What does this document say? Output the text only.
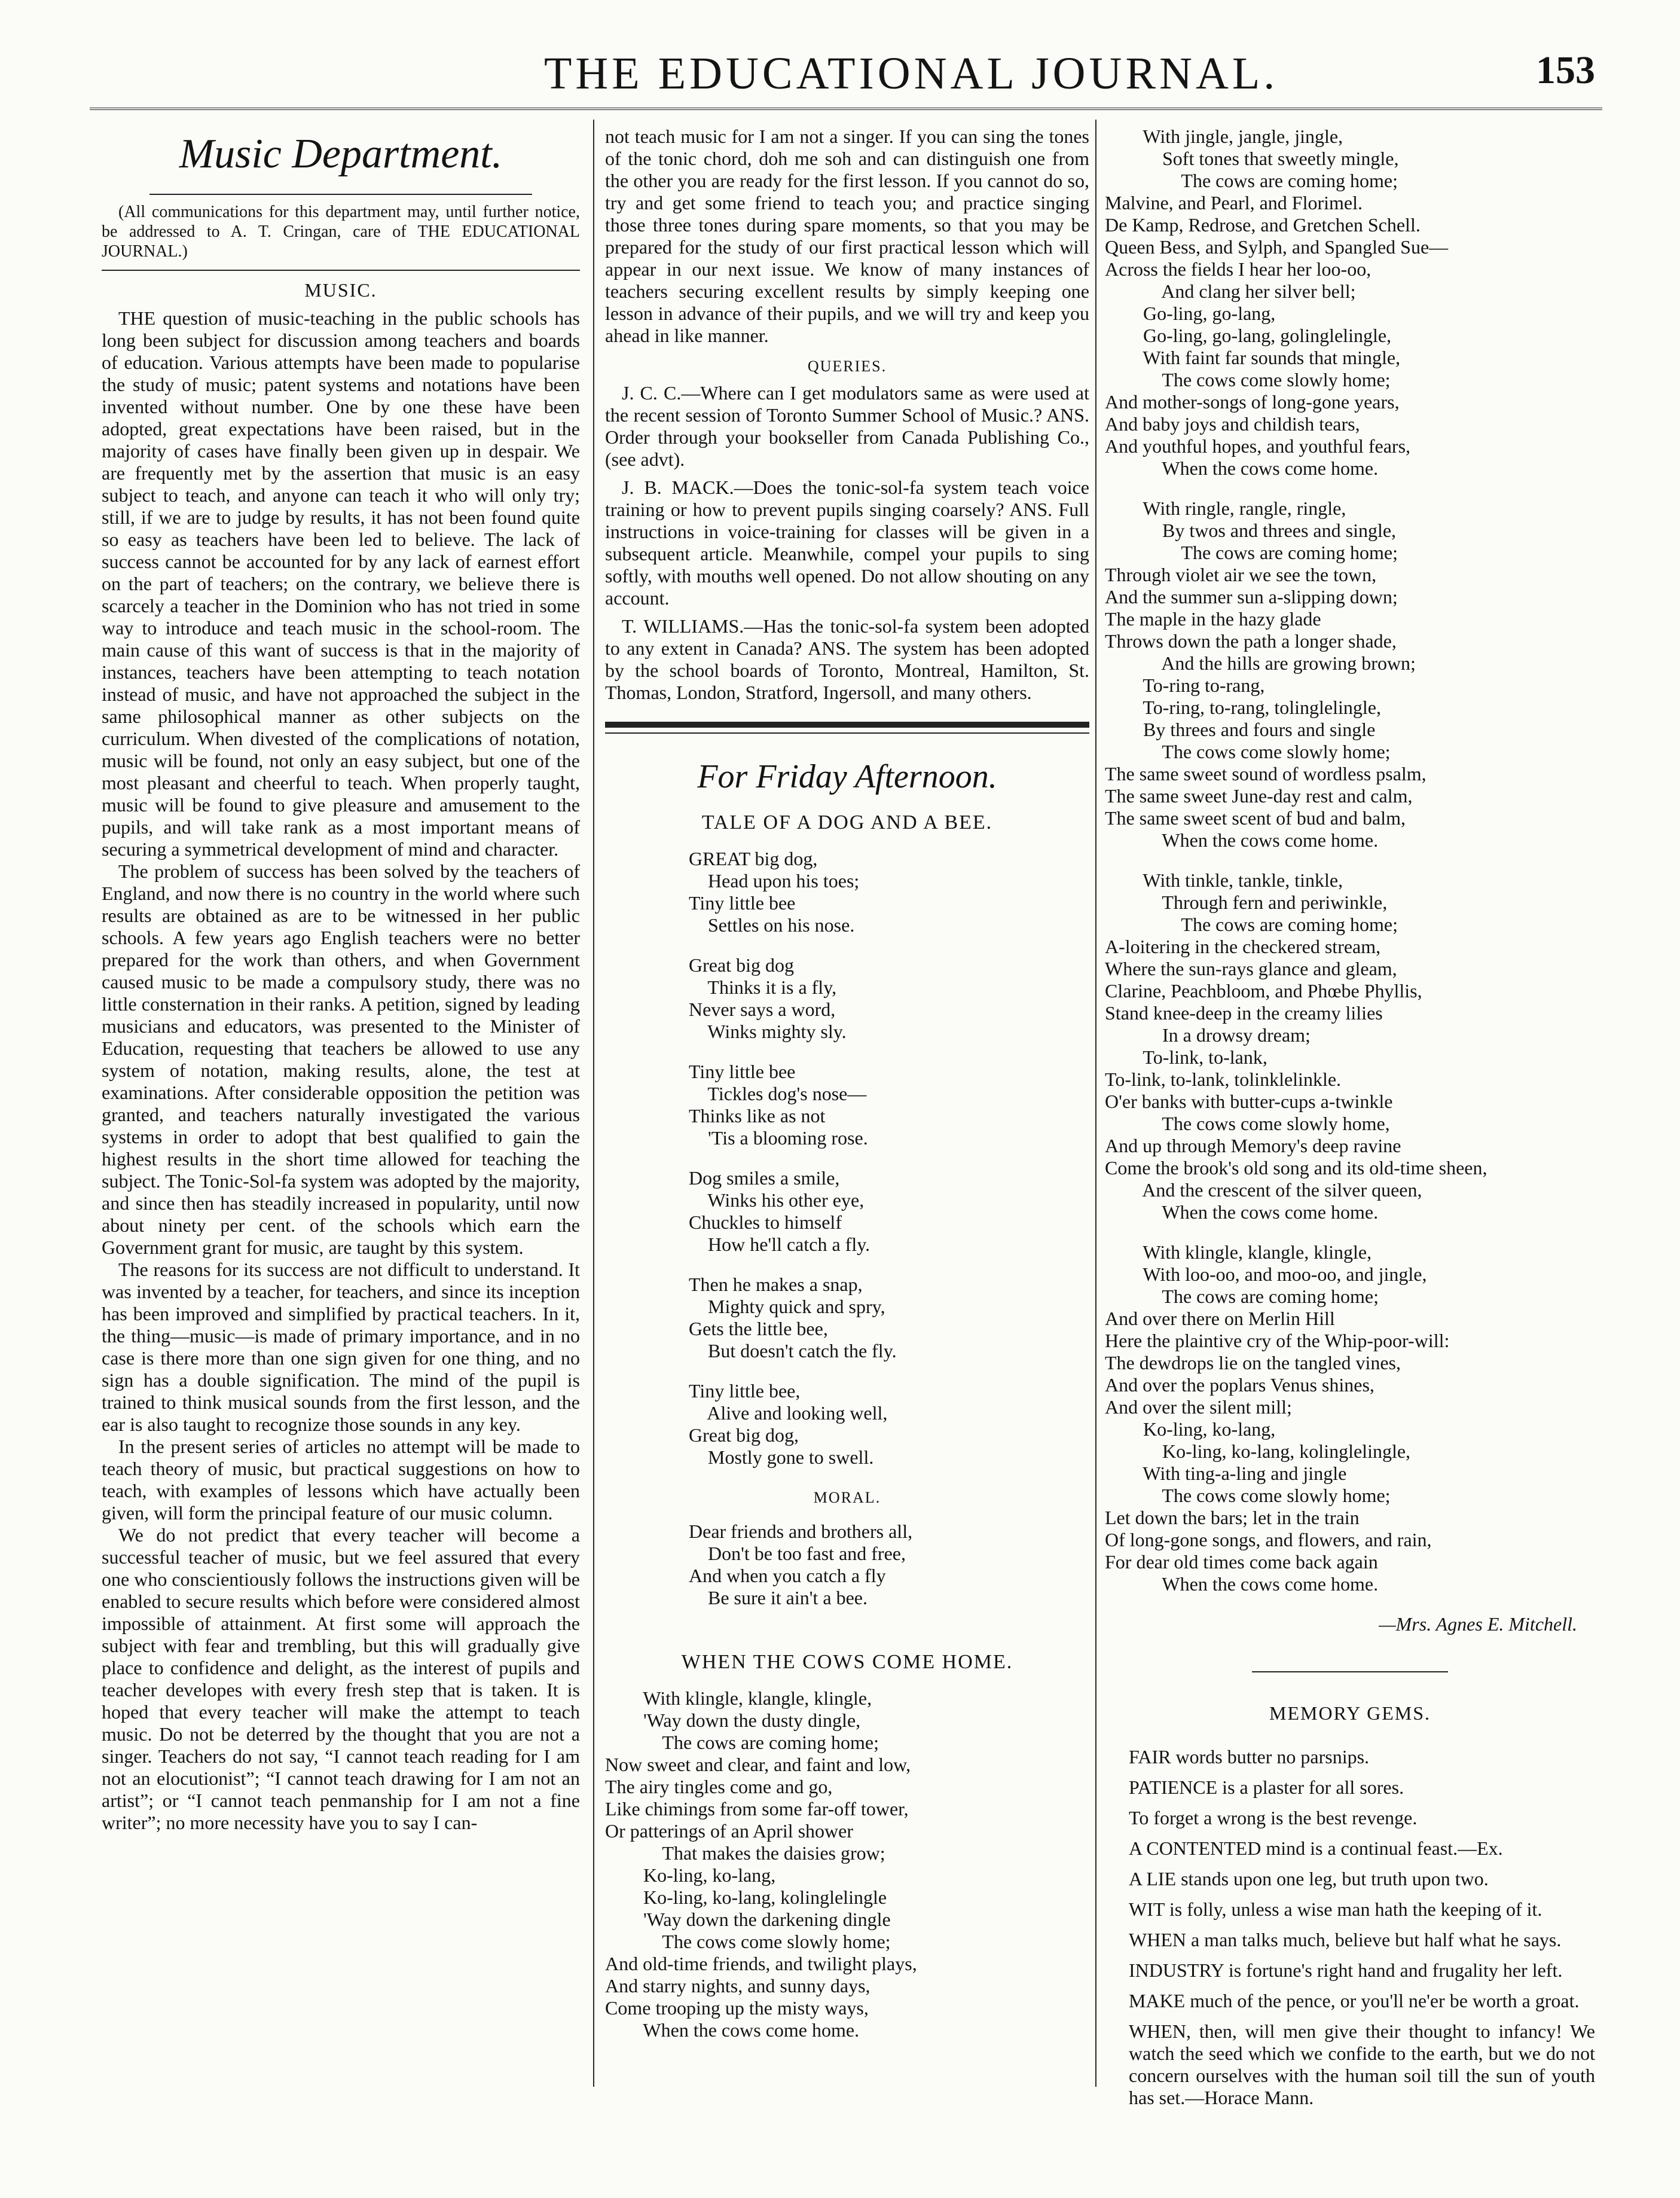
THE EDUCATIONAL JOURNAL.	153
Music Department.

(All communications for this department may, until further notice, be addressed to A. T. Cringan, care of THE EDUCATIONAL JOURNAL.)

MUSIC.

THE question of music-teaching in the public schools has long been subject for discussion among teachers and boards of education. Various attempts have been made to popularise the study of music; patent systems and notations have been invented without number. One by one these have been adopted, great expectations have been raised, but in the majority of cases have finally been given up in despair. We are frequently met by the assertion that music is an easy subject to teach, and anyone can teach it who will only try; still, if we are to judge by results, it has not been found quite so easy as teachers have been led to believe. The lack of success cannot be accounted for by any lack of earnest effort on the part of teachers; on the contrary, we believe there is scarcely a teacher in the Dominion who has not tried in some way to introduce and teach music in the school-room. The main cause of this want of success is that in the majority of instances, teachers have been attempting to teach notation instead of music, and have not approached the subject in the same philosophical manner as other subjects on the curriculum. When divested of the complications of notation, music will be found, not only an easy subject, but one of the most pleasant and cheerful to teach. When properly taught, music will be found to give pleasure and amusement to the pupils, and will take rank as a most important means of securing a symmetrical development of mind and character.

The problem of success has been solved by the teachers of England, and now there is no country in the world where such results are obtained as are to be witnessed in her public schools. A few years ago English teachers were no better prepared for the work than others, and when Government caused music to be made a compulsory study, there was no little consternation in their ranks. A petition, signed by leading musicians and educators, was presented to the Minister of Education, requesting that teachers be allowed to use any system of notation, making results, alone, the test at examinations. After considerable opposition the petition was granted, and teachers naturally investigated the various systems in order to adopt that best qualified to gain the highest results in the short time allowed for teaching the subject. The Tonic-Sol-fa system was adopted by the majority, and since then has steadily increased in popularity, until now about ninety per cent. of the schools which earn the Government grant for music, are taught by this system.

The reasons for its success are not difficult to understand. It was invented by a teacher, for teachers, and since its inception has been improved and simplified by practical teachers. In it, the thing—music—is made of primary importance, and in no case is there more than one sign given for one thing, and no sign has a double signification. The mind of the pupil is trained to think musical sounds from the first lesson, and the ear is also taught to recognize those sounds in any key.

In the present series of articles no attempt will be made to teach theory of music, but practical suggestions on how to teach, with examples of lessons which have actually been given, will form the principal feature of our music column.

We do not predict that every teacher will become a successful teacher of music, but we feel assured that every one who conscientiously follows the instructions given will be enabled to secure results which before were considered almost impossible of attainment. At first some will approach the subject with fear and trembling, but this will gradually give place to confidence and delight, as the interest of pupils and teacher developes with every fresh step that is taken. It is hoped that every teacher will make the attempt to teach music. Do not be deterred by the thought that you are not a singer. Teachers do not say, “I cannot teach reading for I am not an elocutionist”; “I cannot teach drawing for I am not an artist”; or “I cannot teach penmanship for I am not a fine writer”; no more necessity have you to say I can-

not teach music for I am not a singer. If you can sing the tones of the tonic chord, doh me soh and can distinguish one from the other you are ready for the first lesson. If you cannot do so, try and get some friend to teach you; and practice singing those three tones during spare moments, so that you may be prepared for the study of our first practical lesson which will appear in our next issue. We know of many instances of teachers securing excellent results by simply keeping one lesson in advance of their pupils, and we will try and keep you ahead in like manner.

QUERIES.

J. C. C.—Where can I get modulators same as were used at the recent session of Toronto Summer School of Music.? ANS. Order through your bookseller from Canada Publishing Co., (see advt).

J. B. MACK.—Does the tonic-sol-fa system teach voice training or how to prevent pupils singing coarsely? ANS. Full instructions in voice-training for classes will be given in a subsequent article. Meanwhile, compel your pupils to sing softly, with mouths well opened. Do not allow shouting on any account.

T. WILLIAMS.—Has the tonic-sol-fa system been adopted to any extent in Canada? ANS. The system has been adopted by the school boards of Toronto, Montreal, Hamilton, St. Thomas, London, Stratford, Ingersoll, and many others.

For Friday Afternoon.
TALE OF A DOG AND A BEE.
GREAT big dog,
Head upon his toes;
Tiny little bee
Settles on his nose.
Great big dog
Thinks it is a fly,
Never says a word,
Winks mighty sly.
Tiny little bee
Tickles dog's nose—
Thinks like as not
'Tis a blooming rose.
Dog smiles a smile,
Winks his other eye,
Chuckles to himself
How he'll catch a fly.
Then he makes a snap,
Mighty quick and spry,
Gets the little bee,
But doesn't catch the fly.
Tiny little bee,
Alive and looking well,
Great big dog,
Mostly gone to swell.
MORAL.
Dear friends and brothers all,
Don't be too fast and free,
And when you catch a fly
Be sure it ain't a bee.
WHEN THE COWS COME HOME.
With klingle, klangle, klingle,
'Way down the dusty dingle,
The cows are coming home;
Now sweet and clear, and faint and low,
The airy tingles come and go,
Like chimings from some far-off tower,
Or patterings of an April shower
That makes the daisies grow;
Ko-ling, ko-lang,
Ko-ling, ko-lang, kolinglelingle
'Way down the darkening dingle
The cows come slowly home;
And old-time friends, and twilight plays,
And starry nights, and sunny days,
Come trooping up the misty ways,
When the cows come home.
With jingle, jangle, jingle,
Soft tones that sweetly mingle,
The cows are coming home;
Malvine, and Pearl, and Florimel.
De Kamp, Redrose, and Gretchen Schell.
Queen Bess, and Sylph, and Spangled Sue—
Across the fields I hear her loo-oo,
And clang her silver bell;
Go-ling, go-lang,
Go-ling, go-lang, golinglelingle,
With faint far sounds that mingle,
The cows come slowly home;
And mother-songs of long-gone years,
And baby joys and childish tears,
And youthful hopes, and youthful fears,
When the cows come home.
With ringle, rangle, ringle,
By twos and threes and single,
The cows are coming home;
Through violet air we see the town,
And the summer sun a-slipping down;
The maple in the hazy glade
Throws down the path a longer shade,
And the hills are growing brown;
To-ring to-rang,
To-ring, to-rang, tolinglelingle,
By threes and fours and single
The cows come slowly home;
The same sweet sound of wordless psalm,
The same sweet June-day rest and calm,
The same sweet scent of bud and balm,
When the cows come home.
With tinkle, tankle, tinkle,
Through fern and periwinkle,
The cows are coming home;
A-loitering in the checkered stream,
Where the sun-rays glance and gleam,
Clarine, Peachbloom, and Phœbe Phyllis,
Stand knee-deep in the creamy lilies
In a drowsy dream;
To-link, to-lank,
To-link, to-lank, tolinklelinkle.
O'er banks with butter-cups a-twinkle
The cows come slowly home,
And up through Memory's deep ravine
Come the brook's old song and its old-time sheen,
And the crescent of the silver queen,
When the cows come home.
With klingle, klangle, klingle,
With loo-oo, and moo-oo, and jingle,
The cows are coming home;
And over there on Merlin Hill
Here the plaintive cry of the Whip-poor-will:
The dewdrops lie on the tangled vines,
And over the poplars Venus shines,
And over the silent mill;
Ko-ling, ko-lang,
Ko-ling, ko-lang, kolinglelingle,
With ting-a-ling and jingle
The cows come slowly home;
Let down the bars; let in the train
Of long-gone songs, and flowers, and rain,
For dear old times come back again
When the cows come home.
—Mrs. Agnes E. Mitchell.
MEMORY GEMS.

FAIR words butter no parsnips.

PATIENCE is a plaster for all sores.

To forget a wrong is the best revenge.

A CONTENTED mind is a continual feast.—Ex.

A LIE stands upon one leg, but truth upon two.

WIT is folly, unless a wise man hath the keeping of it.

WHEN a man talks much, believe but half what he says.

INDUSTRY is fortune's right hand and frugality her left.

MAKE much of the pence, or you'll ne'er be worth a groat.

WHEN, then, will men give their thought to infancy! We watch the seed which we confide to the earth, but we do not concern ourselves with the human soil till the sun of youth has set.—Horace Mann.
